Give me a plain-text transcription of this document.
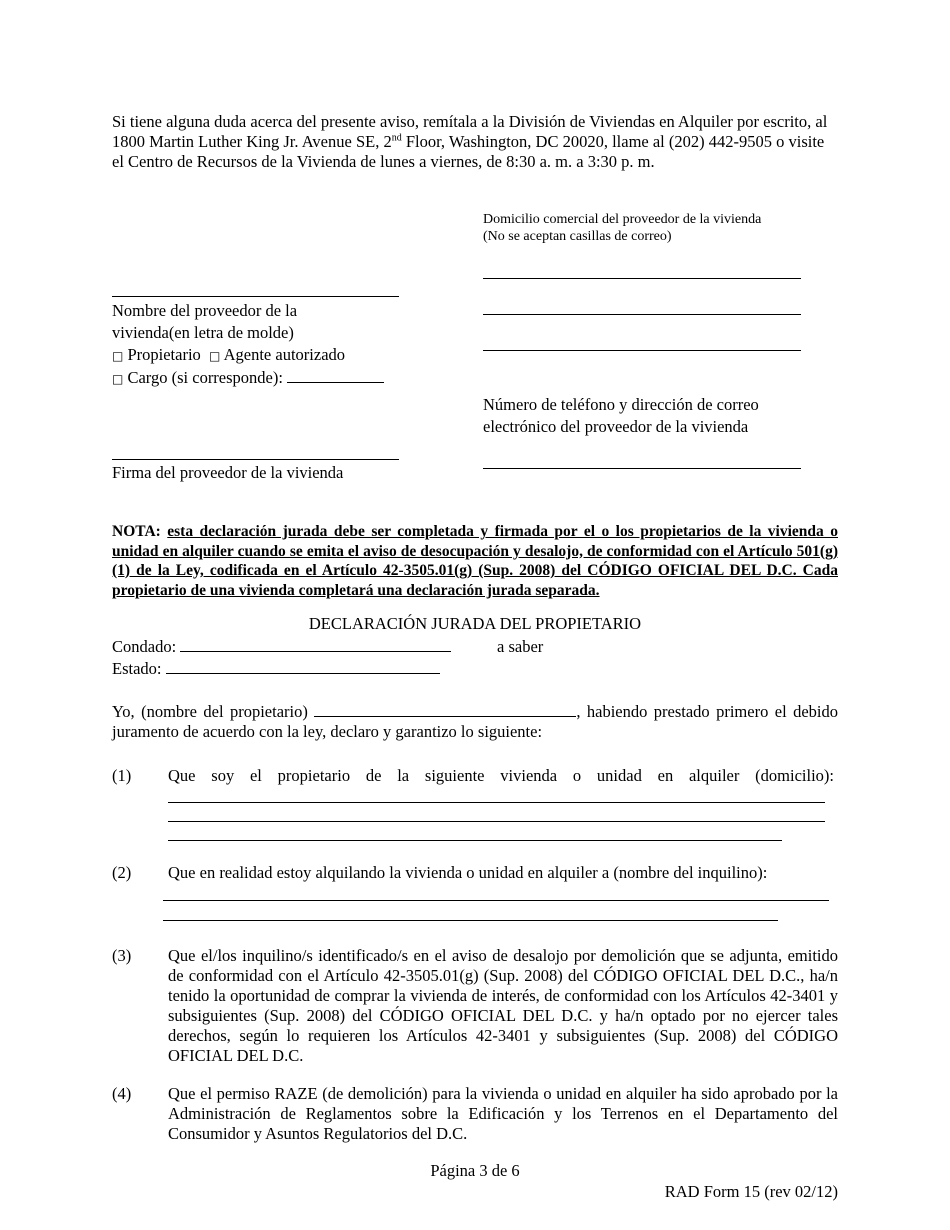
Si tiene alguna duda acerca del presente aviso, remítala a la División de Viviendas en Alquiler por escrito, al 1800 Martin Luther King Jr. Avenue SE, 2nd Floor, Washington, DC 20020, llame al (202) 442-9505 o visite el Centro de Recursos de la Vivienda de lunes a viernes, de 8:30 a. m. a 3:30 p. m.
Domicilio comercial del proveedor de la vivienda
(No se aceptan casillas de correo)
Nombre del proveedor de la
vivienda(en letra de molde)
□ Propietario □ Agente autorizado
□ Cargo (si corresponde):
Número de teléfono y dirección de correo
electrónico del proveedor de la vivienda
Firma del proveedor de la vivienda
NOTA: esta declaración jurada debe ser completada y firmada por el o los propietarios de la vivienda o unidad en alquiler cuando se emita el aviso de desocupación y desalojo, de conformidad con el Artículo 501(g)(1) de la Ley, codificada en el Artículo 42-3505.01(g) (Sup. 2008) del CÓDIGO OFICIAL DEL D.C. Cada propietario de una vivienda completará una declaración jurada separada.
DECLARACIÓN JURADA DEL PROPIETARIO
Condado:	a saber
Estado:
Yo, (nombre del propietario)	, habiendo prestado primero el debido juramento de acuerdo con la ley, declaro y garantizo lo siguiente:
(1) Que soy el propietario de la siguiente vivienda o unidad en alquiler (domicilio):
(2) Que en realidad estoy alquilando la vivienda o unidad en alquiler a (nombre del inquilino):
(3) Que el/los inquilino/s identificado/s en el aviso de desalojo por demolición que se adjunta, emitido de conformidad con el Artículo 42-3505.01(g) (Sup. 2008) del CÓDIGO OFICIAL DEL D.C., ha/n tenido la oportunidad de comprar la vivienda de interés, de conformidad con los Artículos 42-3401 y subsiguientes (Sup. 2008) del CÓDIGO OFICIAL DEL D.C. y ha/n optado por no ejercer tales derechos, según lo requieren los Artículos 42-3401 y subsiguientes (Sup. 2008) del CÓDIGO OFICIAL DEL D.C.
(4) Que el permiso RAZE (de demolición) para la vivienda o unidad en alquiler ha sido aprobado por la Administración de Reglamentos sobre la Edificación y los Terrenos en el Departamento del Consumidor y Asuntos Regulatorios del D.C.
Página 3 de 6
RAD Form 15 (rev 02/12)
